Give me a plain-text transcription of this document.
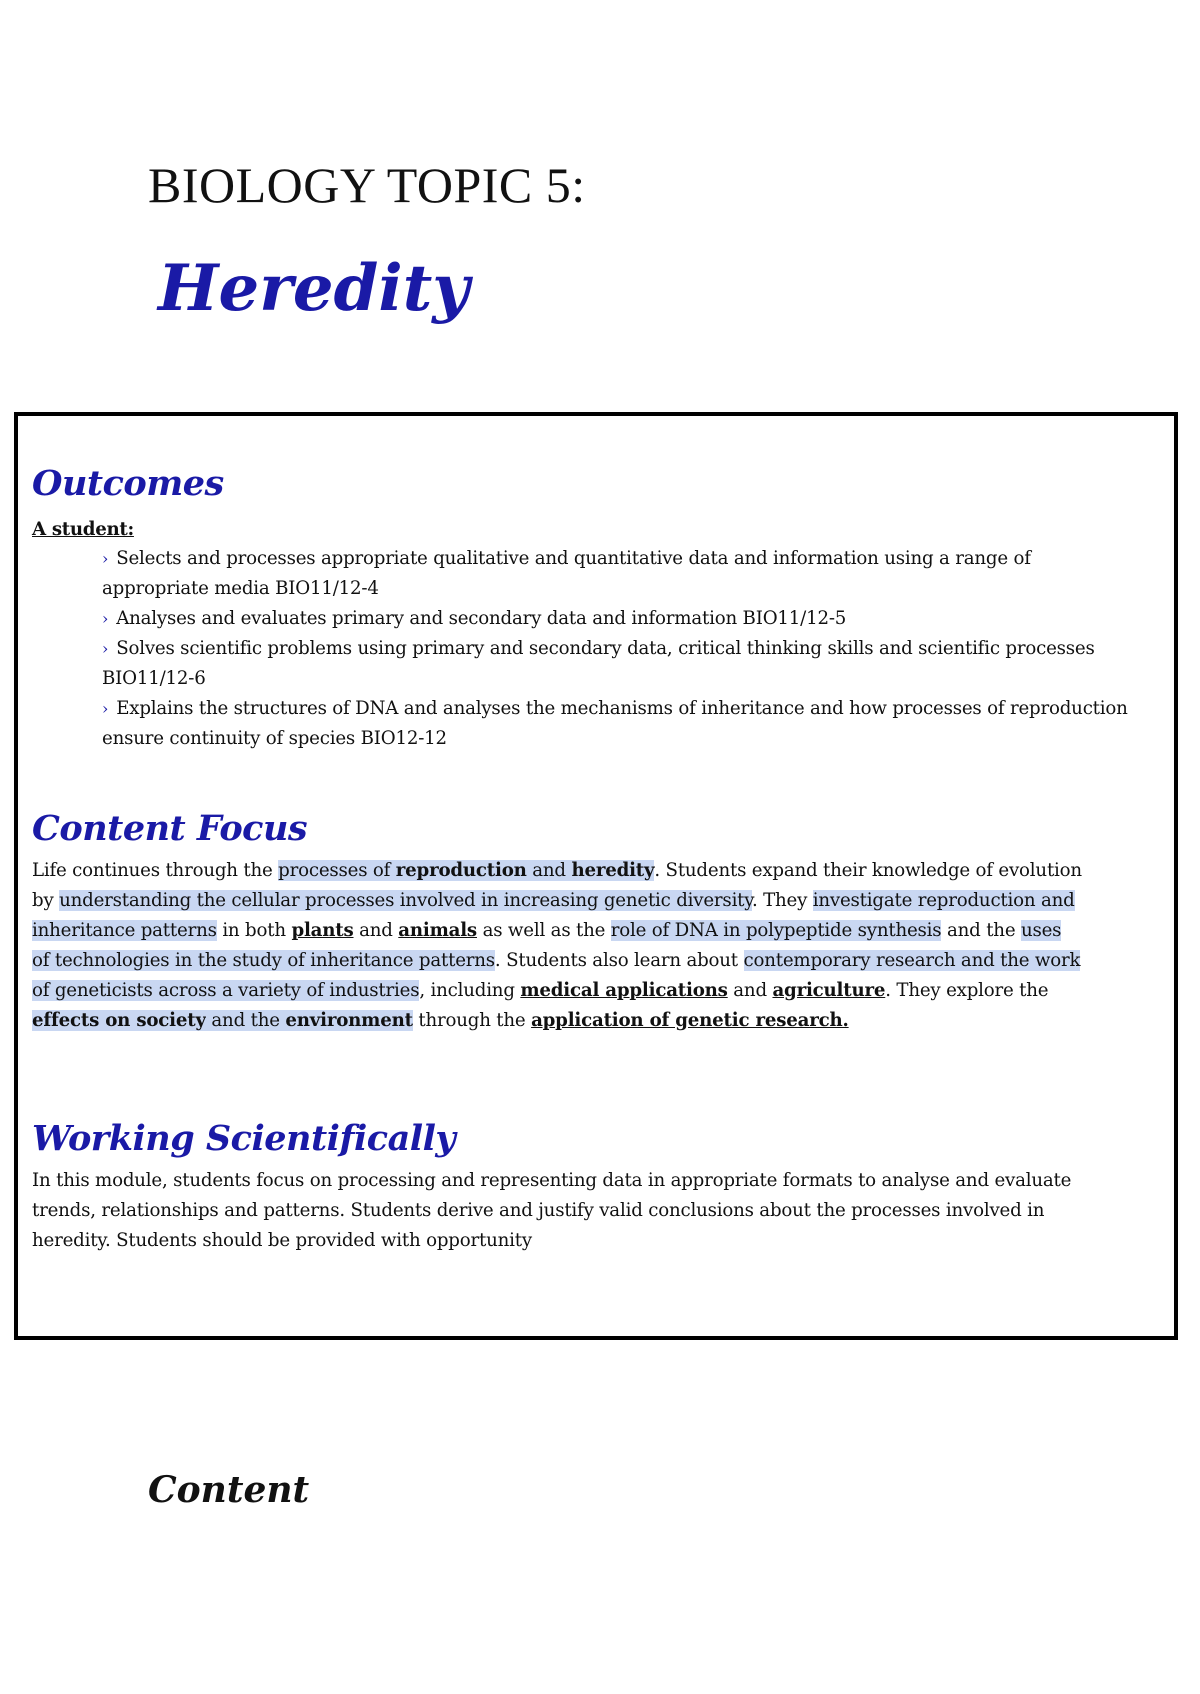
BIOLOGY TOPIC 5:
Heredity
Outcomes
A student:
› Selects and processes appropriate qualitative and quantitative data and information using a range of appropriate media BIO11/12-4
› Analyses and evaluates primary and secondary data and information BIO11/12-5
› Solves scientific problems using primary and secondary data, critical thinking skills and scientific processes BIO11/12-6
› Explains the structures of DNA and analyses the mechanisms of inheritance and how processes of reproduction ensure continuity of species BIO12-12
Content Focus
Life continues through the processes of reproduction and heredity. Students expand their knowledge of evolution by understanding the cellular processes involved in increasing genetic diversity. They investigate reproduction and inheritance patterns in both plants and animals as well as the role of DNA in polypeptide synthesis and the uses of technologies in the study of inheritance patterns. Students also learn about contemporary research and the work of geneticists across a variety of industries, including medical applications and agriculture. They explore the effects on society and the environment through the application of genetic research.
Working Scientifically
In this module, students focus on processing and representing data in appropriate formats to analyse and evaluate trends, relationships and patterns. Students derive and justify valid conclusions about the processes involved in heredity. Students should be provided with opportunity
Content
